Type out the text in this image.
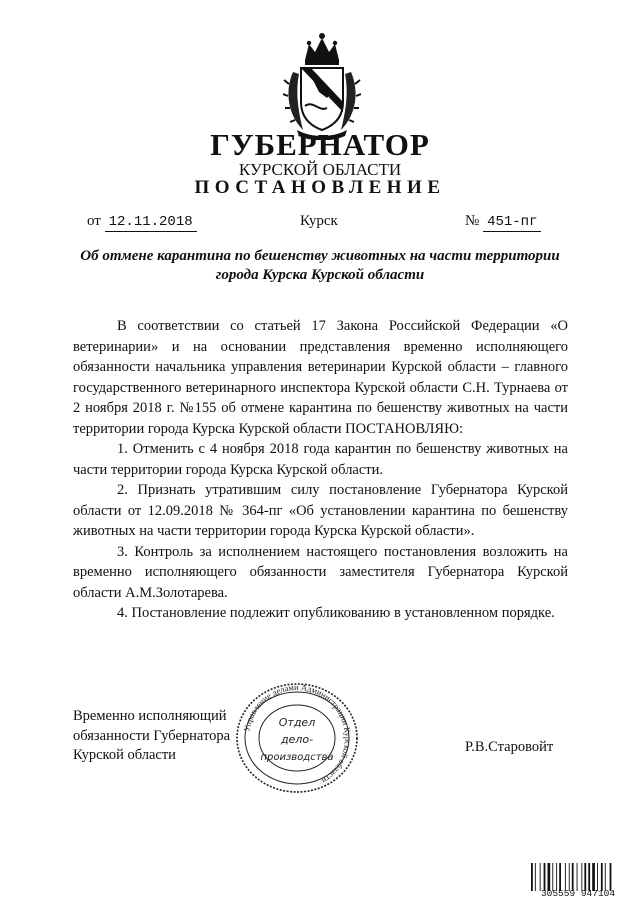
ГУБЕРНАТОР
КУРСКОЙ ОБЛАСТИ
ПОСТАНОВЛЕНИЕ
от 12.11.2018	Курск	№ 451-пг
Об отмене карантина по бешенству животных на части территории города Курска Курской области

В соответствии со статьей 17 Закона Российской Федерации «О ветеринарии» и на основании представления временно исполняющего обязанности начальника управления ветеринарии Курской области – главного государственного ветеринарного инспектора Курской области С.Н. Турнаева от 2 ноября 2018 г. №155 об отмене карантина по бешенству животных на части территории города Курска Курской области ПОСТАНОВЛЯЮ:

1. Отменить с 4 ноября 2018 года карантин по бешенству животных на части территории города Курска Курской области.

2. Признать утратившим силу постановление Губернатора Курской области от 12.09.2018 № 364-пг «Об установлении карантина по бешенству животных на части территории города Курска Курской области».

3. Контроль за исполнением настоящего постановления возложить на временно исполняющего обязанности заместителя Губернатора Курской области А.М.Золотарева.

4. Постановление подлежит опубликованию в установленном порядке.

Временно исполняющий
обязанности Губернатора
Курской области
Управление делами Администрации Курской области
Отдел
дело-
производства
Р.В.Старовойт
305559 947104
